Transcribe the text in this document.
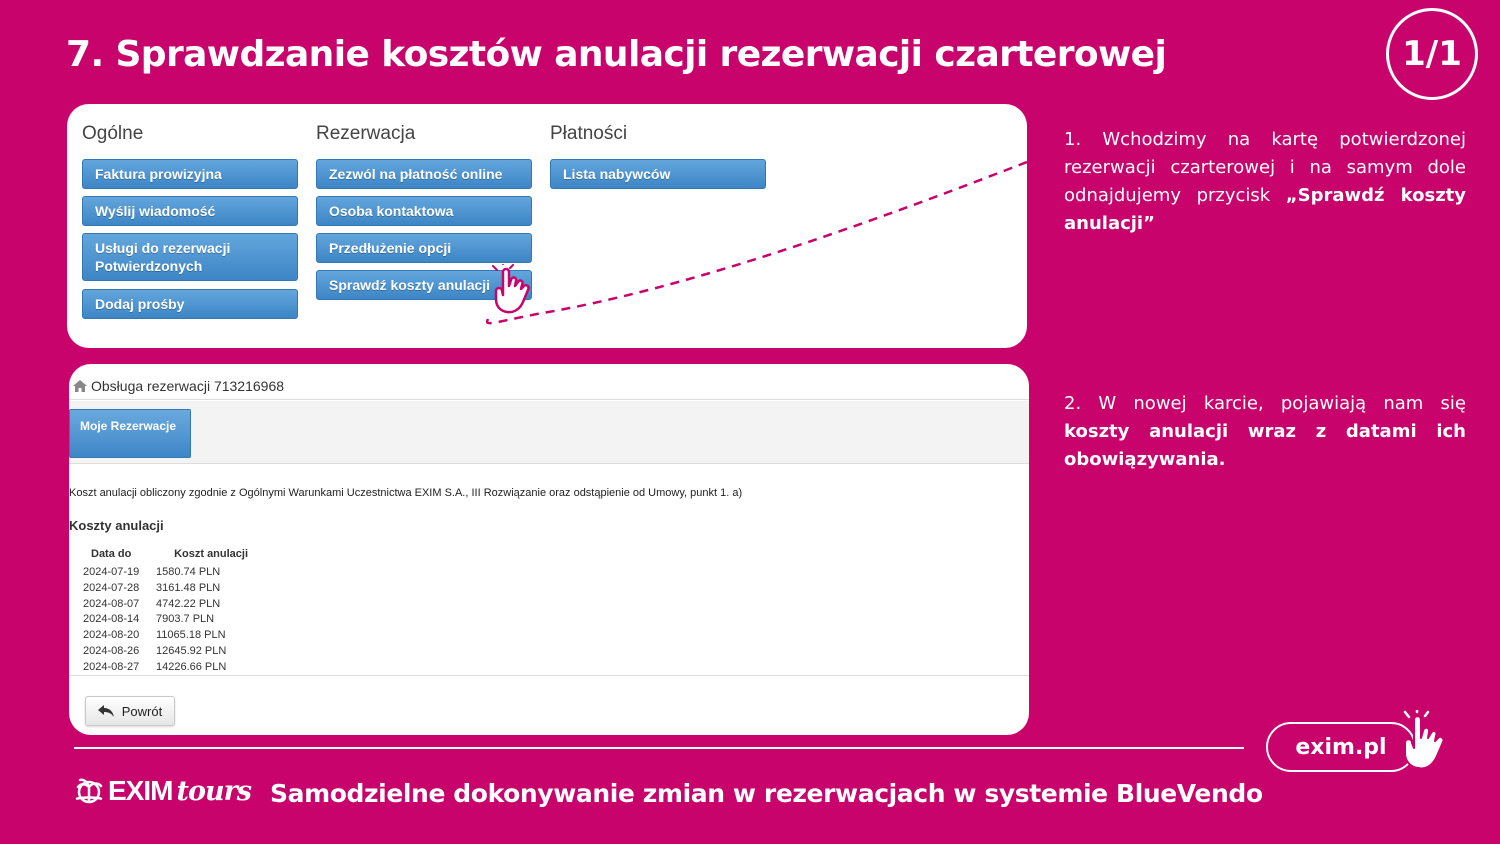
7. Sprawdzanie kosztów anulacji rezerwacji czarterowej	1/1
Ogólne
Faktura prowizyjna
Wyślij wiadomość
Usługi do rezerwacji Potwierdzonych
Dodaj prośby
Rezerwacja
Zezwól na płatność online
Osoba kontaktowa
Przedłużenie opcji
Sprawdź koszty anulacji
Płatności
Lista nabywców
Obsługa rezerwacji 713216968
Moje Rezerwacje
Koszt anulacji obliczony zgodnie z Ogólnymi Warunkami Uczestnictwa EXIM S.A., III Rozwiązanie oraz odstąpienie od Umowy, punkt 1. a)
Koszty anulacji
Data do	Koszt anulacji
2024-07-19 1580.74 PLN
2024-07-28 3161.48 PLN
2024-08-07 4742.22 PLN
2024-08-14 7903.7 PLN
2024-08-20 11065.18 PLN
2024-08-26 12645.92 PLN
2024-08-27 14226.66 PLN
Powrót
1. Wchodzimy na kartę potwierdzonej rezerwacji czarterowej i na samym dole odnajdujemy przycisk „Sprawdź koszty anulacji”
2. W nowej karcie, pojawiają nam się koszty anulacji wraz z datami ich obowiązywania.
exim.pl
EXIM tours Samodzielne dokonywanie zmian w rezerwacjach w systemie BlueVendo
